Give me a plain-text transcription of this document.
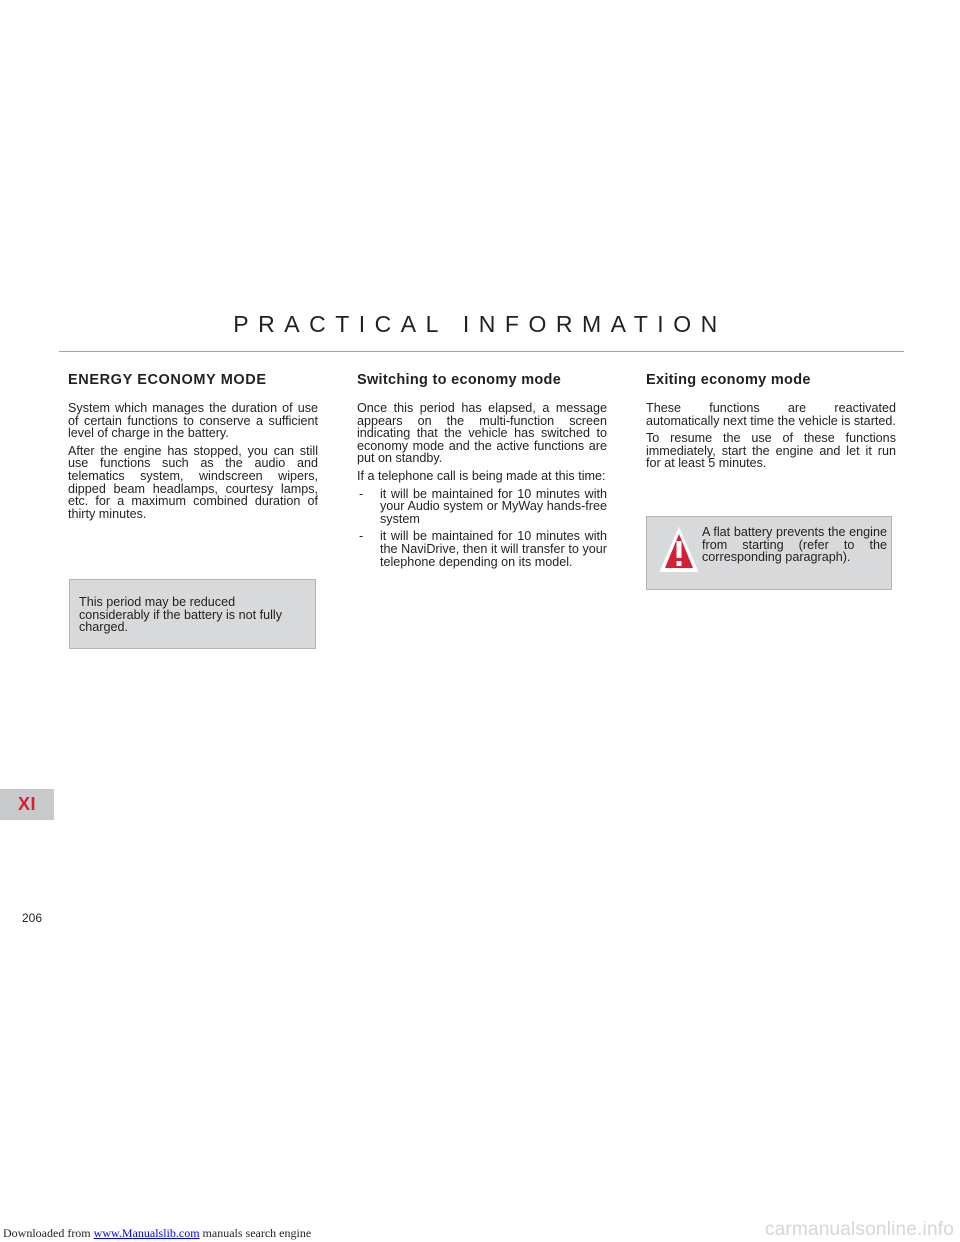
PRACTICAL INFORMATION
ENERGY ECONOMY MODE

System which manages the duration of use of certain functions to conserve a sufficient level of charge in the battery.

After the engine has stopped, you can still use functions such as the audio and telematics system, windscreen wipers, dipped beam headlamps, courtesy lamps, etc. for a maximum combined duration of thirty minutes.

This period may be reduced considerably if the battery is not fully charged.

Switching to economy mode

Once this period has elapsed, a message appears on the multi-function screen indicating that the vehicle has switched to economy mode and the active functions are put on standby.

If a telephone call is being made at this time:

- it will be maintained for 10 minutes with your Audio system or MyWay hands-free system
- it will be maintained for 10 minutes with the NaviDrive, then it will transfer to your telephone depending on its model.
Exiting economy mode

These functions are reactivated automatically next time the vehicle is started.

To resume the use of these functions immediately, start the engine and let it run for at least 5 minutes.

A flat battery prevents the engine from starting (refer to the corresponding paragraph).

XI
206
Downloaded from www.Manualslib.com manuals search engine	carmanualsonline.info
